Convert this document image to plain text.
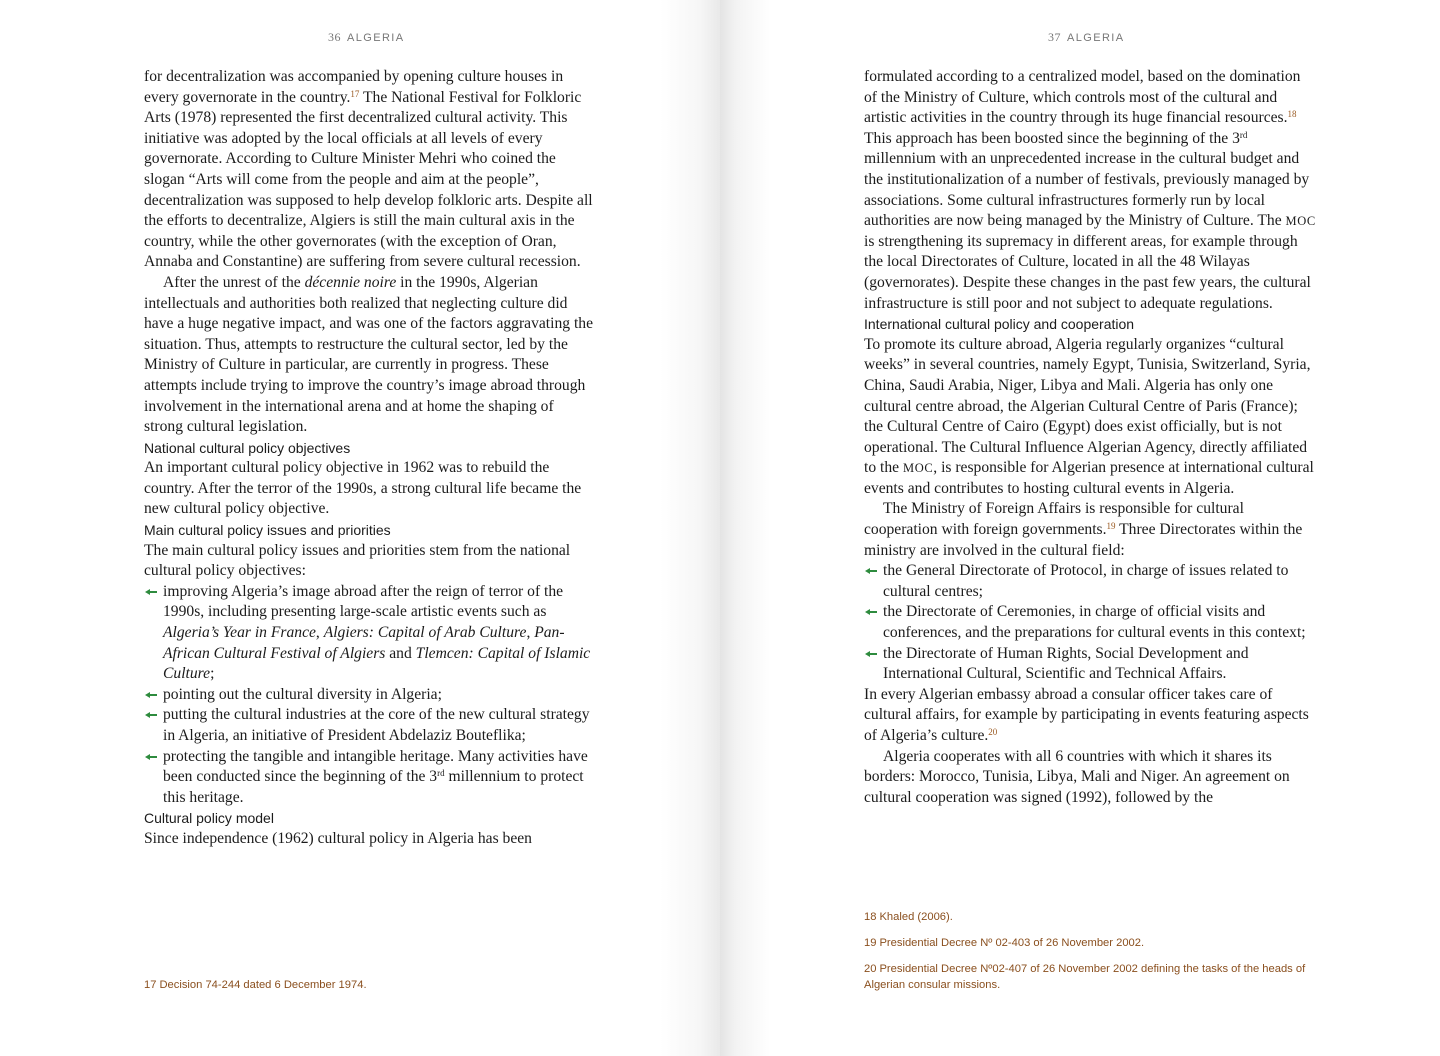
36 ALGERIA

for decentralization was accompanied by opening culture houses in every governorate in the country.$^{17}$ The National Festival for Folkloric Arts (1978) represented the first decentralized cultural activity. This initiative was adopted by the local officials at all levels of every governorate. According to Culture Minister Mehri who coined the slogan “Arts will come from the people and aim at the people”, decentralization was supposed to help develop folkloric arts. Despite all the efforts to decentralize, Algiers is still the main cultural axis in the country, while the other governorates (with the exception of Oran, Annaba and Constantine) are suffering from severe cultural recession.

After the unrest of the décennie noire in the 1990s, Algerian intellectuals and authorities both realized that neglecting culture did have a huge negative impact, and was one of the factors aggravating the situation. Thus, attempts to restructure the cultural sector, led by the Ministry of Culture in particular, are currently in progress. These attempts include trying to improve the country’s image abroad through involvement in the international arena and at home the shaping of strong cultural legislation.

National cultural policy objectives

An important cultural policy objective in 1962 was to rebuild the country. After the terror of the 1990s, a strong cultural life became the new cultural policy objective.

Main cultural policy issues and priorities

The main cultural policy issues and priorities stem from the national cultural policy objectives:

improving Algeria’s image abroad after the reign of terror of the 1990s, including presenting large-scale artistic events such as Algeria’s Year in France, Algiers: Capital of Arab Culture, Pan-African Cultural Festival of Algiers and Tlemcen: Capital of Islamic Culture;
pointing out the cultural diversity in Algeria;
putting the cultural industries at the core of the new cultural strategy in Algeria, an initiative of President Abdelaziz Bouteflika;
protecting the tangible and intangible heritage. Many activities have been conducted since the beginning of the 3rd millennium to protect this heritage.

Cultural policy model

Since independence (1962) cultural policy in Algeria has been

17 Decision 74-244 dated 6 December 1974.

37 ALGERIA

formulated according to a centralized model, based on the domination of the Ministry of Culture, which controls most of the cultural and artistic activities in the country through its huge financial resources.$^{18}$ This approach has been boosted since the beginning of the 3rd millennium with an unprecedented increase in the cultural budget and the institutionalization of a number of festivals, previously managed by associations. Some cultural infrastructures formerly run by local authorities are now being managed by the Ministry of Culture. The MOC is strengthening its supremacy in different areas, for example through the local Directorates of Culture, located in all the 48 Wilayas (governorates). Despite these changes in the past few years, the cultural infrastructure is still poor and not subject to adequate regulations.

International cultural policy and cooperation

To promote its culture abroad, Algeria regularly organizes “cultural weeks” in several countries, namely Egypt, Tunisia, Switzerland, Syria, China, Saudi Arabia, Niger, Libya and Mali. Algeria has only one cultural centre abroad, the Algerian Cultural Centre of Paris (France); the Cultural Centre of Cairo (Egypt) does exist officially, but is not operational. The Cultural Influence Algerian Agency, directly affiliated to the MOC, is responsible for Algerian presence at international cultural events and contributes to hosting cultural events in Algeria.

The Ministry of Foreign Affairs is responsible for cultural cooperation with foreign governments.$^{19}$ Three Directorates within the ministry are involved in the cultural field:

the General Directorate of Protocol, in charge of issues related to cultural centres;
the Directorate of Ceremonies, in charge of official visits and conferences, and the preparations for cultural events in this context;
the Directorate of Human Rights, Social Development and International Cultural, Scientific and Technical Affairs.

In every Algerian embassy abroad a consular officer takes care of cultural affairs, for example by participating in events featuring aspects of Algeria’s culture.$^{20}$

Algeria cooperates with all 6 countries with which it shares its borders: Morocco, Tunisia, Libya, Mali and Niger. An agreement on cultural cooperation was signed (1992), followed by the

18 Khaled (2006).

19 Presidential Decree Nº 02-403 of 26 November 2002.

20 Presidential Decree Nº02-407 of 26 November 2002 defining the tasks of the heads of Algerian consular missions.
